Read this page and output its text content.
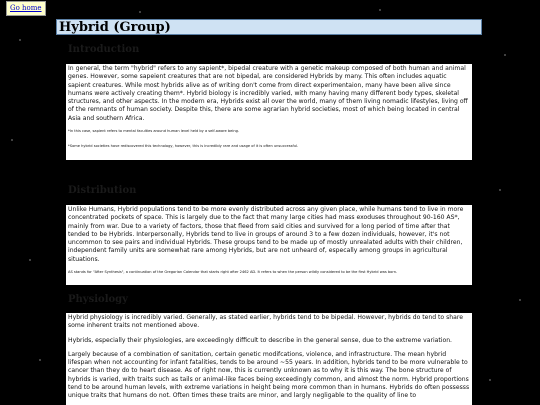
Go home
Hybrid (Group)
Introduction

In general, the term "hybrid" refers to any sapient*, bipedal creature with a genetic makeup composed of both human and animal genes. However, some sapeient creatures that are not bipedal, are considered Hybrids by many. This often includes aquatic sapient creatures. While most hybrids alive as of writing don't come from direct experimentaion, many have been alive since humans were actively creating them*. Hybrid biology is incredibly varied, with many having many different body types, skeletal structures, and other aspects. In the modern era, Hybrids exist all over the world, many of them living nomadic lifestyles, living off of the remnants of human society. Despite this, there are some agrarian hybrid societies, most of which being located in central Asia and southern Africa.

*In this case, sapient refers to mental faculties around human level held by a self-aware being.

*Some hybrid societies have rediscovered this technology, however, this is incredibly rare and usage of it is often unsuccessful.

Distribution

Unlike Humans, Hybrid populations tend to be more evenly distributed across any given place, while humans tend to live in more concentrated pockets of space. This is largely due to the fact that many large cities had mass exoduses throughout 90-160 AS*, mainly from war. Due to a variety of factors, those that fleed from said cities and survived for a long period of time after that tended to be Hybrids. Interpersonally, Hybrids tend to live in groups of around 3 to a few dozen individuals, however, it's not uncommon to see pairs and individual Hybrids. These groups tend to be made up of mostly unrealated adults with their children, independent family units are somewhat rare among Hybrids, but are not unheard of, especally among groups in agricultural situations.

AS stands for "After Synthesis", a continuation of the Gregorian Calendar that starts right after 2462 AD. It refers to when the person wildly considered to be the first Hybrid was born.

Physiology

Hybrid physiology is incredibly varied. Generally, as stated earlier, hybrids tend to be bipedal. However, hybrids do tend to share some inherent traits not mentioned above.

Hybrids, especially their physiologies, are exceedingly difficult to describe in the general sense, due to the extreme variation.

Largely because of a combination of sanitation, certain genetic modifcations, violence, and infrastructure. The mean hybrid lifespan when not accounting for infant fatalities, tends to be around ~55 years. In addition, hybrids tend to be more vulnerable to cancer than they do to heart disease. As of right now, this is currently unknown as to why it is this way. The bone structure of hybrids is varied, with traits such as tails or animal-like faces being exceedingly common, and almost the norm. Hybrid proportions tend to be around human levels, with extreme variations in height being more common than in humans. Hybrids do often possesss unique traits that humans do not. Often times these traits are minor, and largly negligable to the quality of line to
